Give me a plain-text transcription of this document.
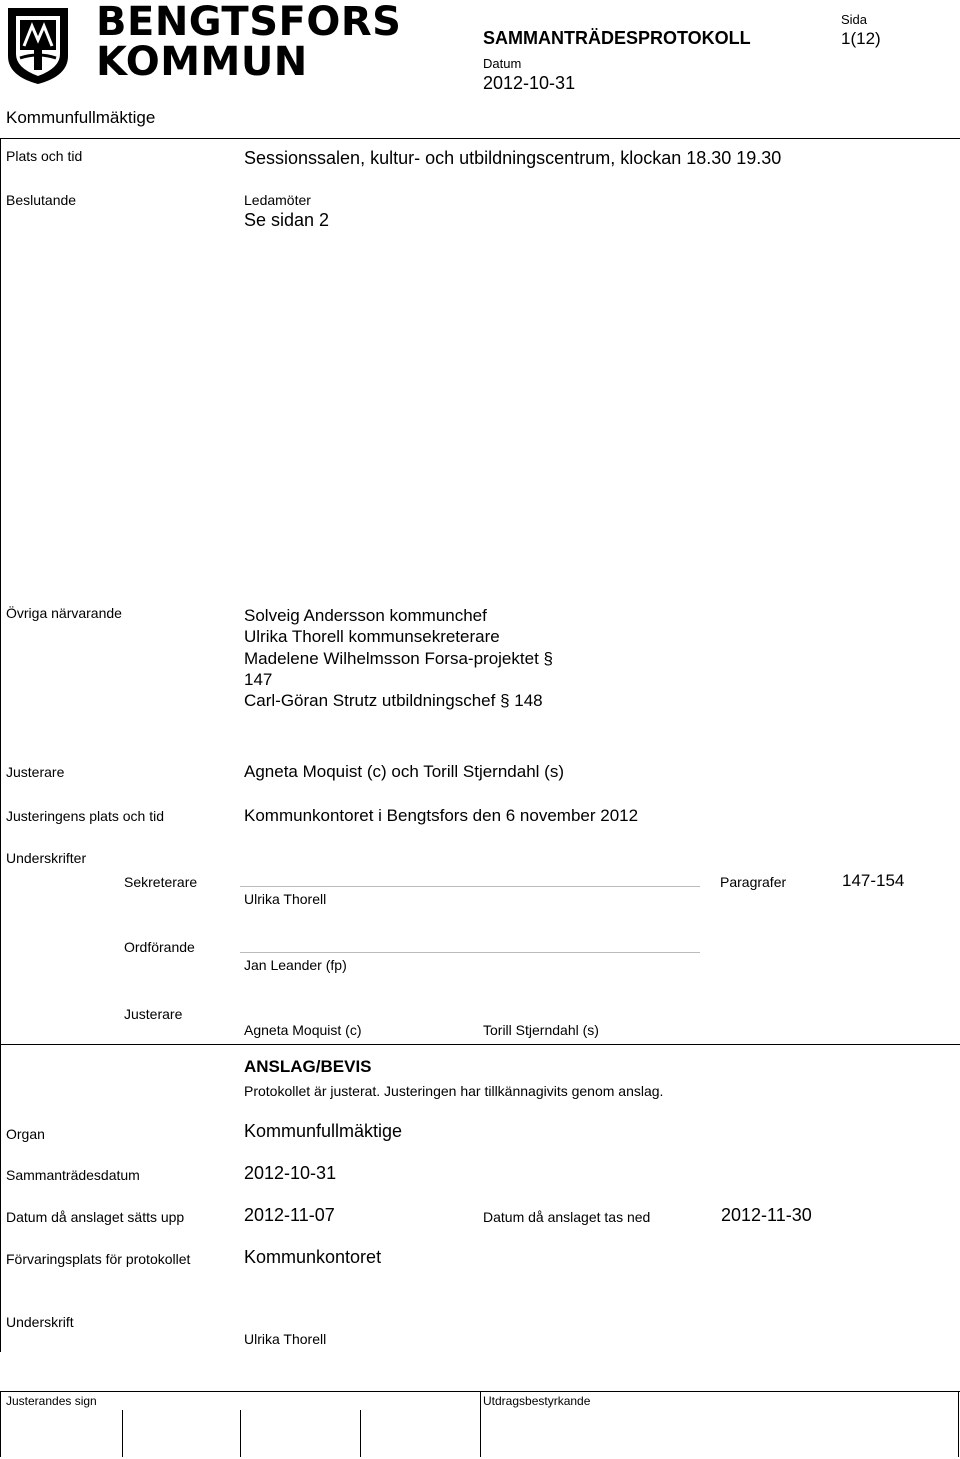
BENGTSFORS
KOMMUN
SAMMANTRÄDESPROTOKOLL
Datum
2012-10-31
Sida
1(12)
Kommunfullmäktige
Plats och tid	Sessionssalen, kultur- och utbildningscentrum, klockan 18.30 19.30
Beslutande	Ledamöter
Se sidan 2
Övriga närvarande	Solveig Andersson kommunchef
Ulrika Thorell kommunsekreterare
Madelene Wilhelmsson Forsa-projektet §
147
Carl-Göran Strutz utbildningschef § 148
Justerare	Agneta Moquist (c) och Torill Stjerndahl (s)
Justeringens plats och tid	Kommunkontoret i Bengtsfors den 6 november 2012
Underskrifter
Sekreterare
Ulrika Thorell
Paragrafer	147-154
Ordförande
Jan Leander (fp)
Justerare
Agneta Moquist (c)	Torill Stjerndahl (s)
ANSLAG/BEVIS
Protokollet är justerat. Justeringen har tillkännagivits genom anslag.
Organ	Kommunfullmäktige
Sammanträdesdatum	2012-10-31
Datum då anslaget sätts upp	2012-11-07	Datum då anslaget tas ned	2012-11-30
Förvaringsplats för protokollet	Kommunkontoret
Underskrift
Ulrika Thorell
Justerandes sign	Utdragsbestyrkande
